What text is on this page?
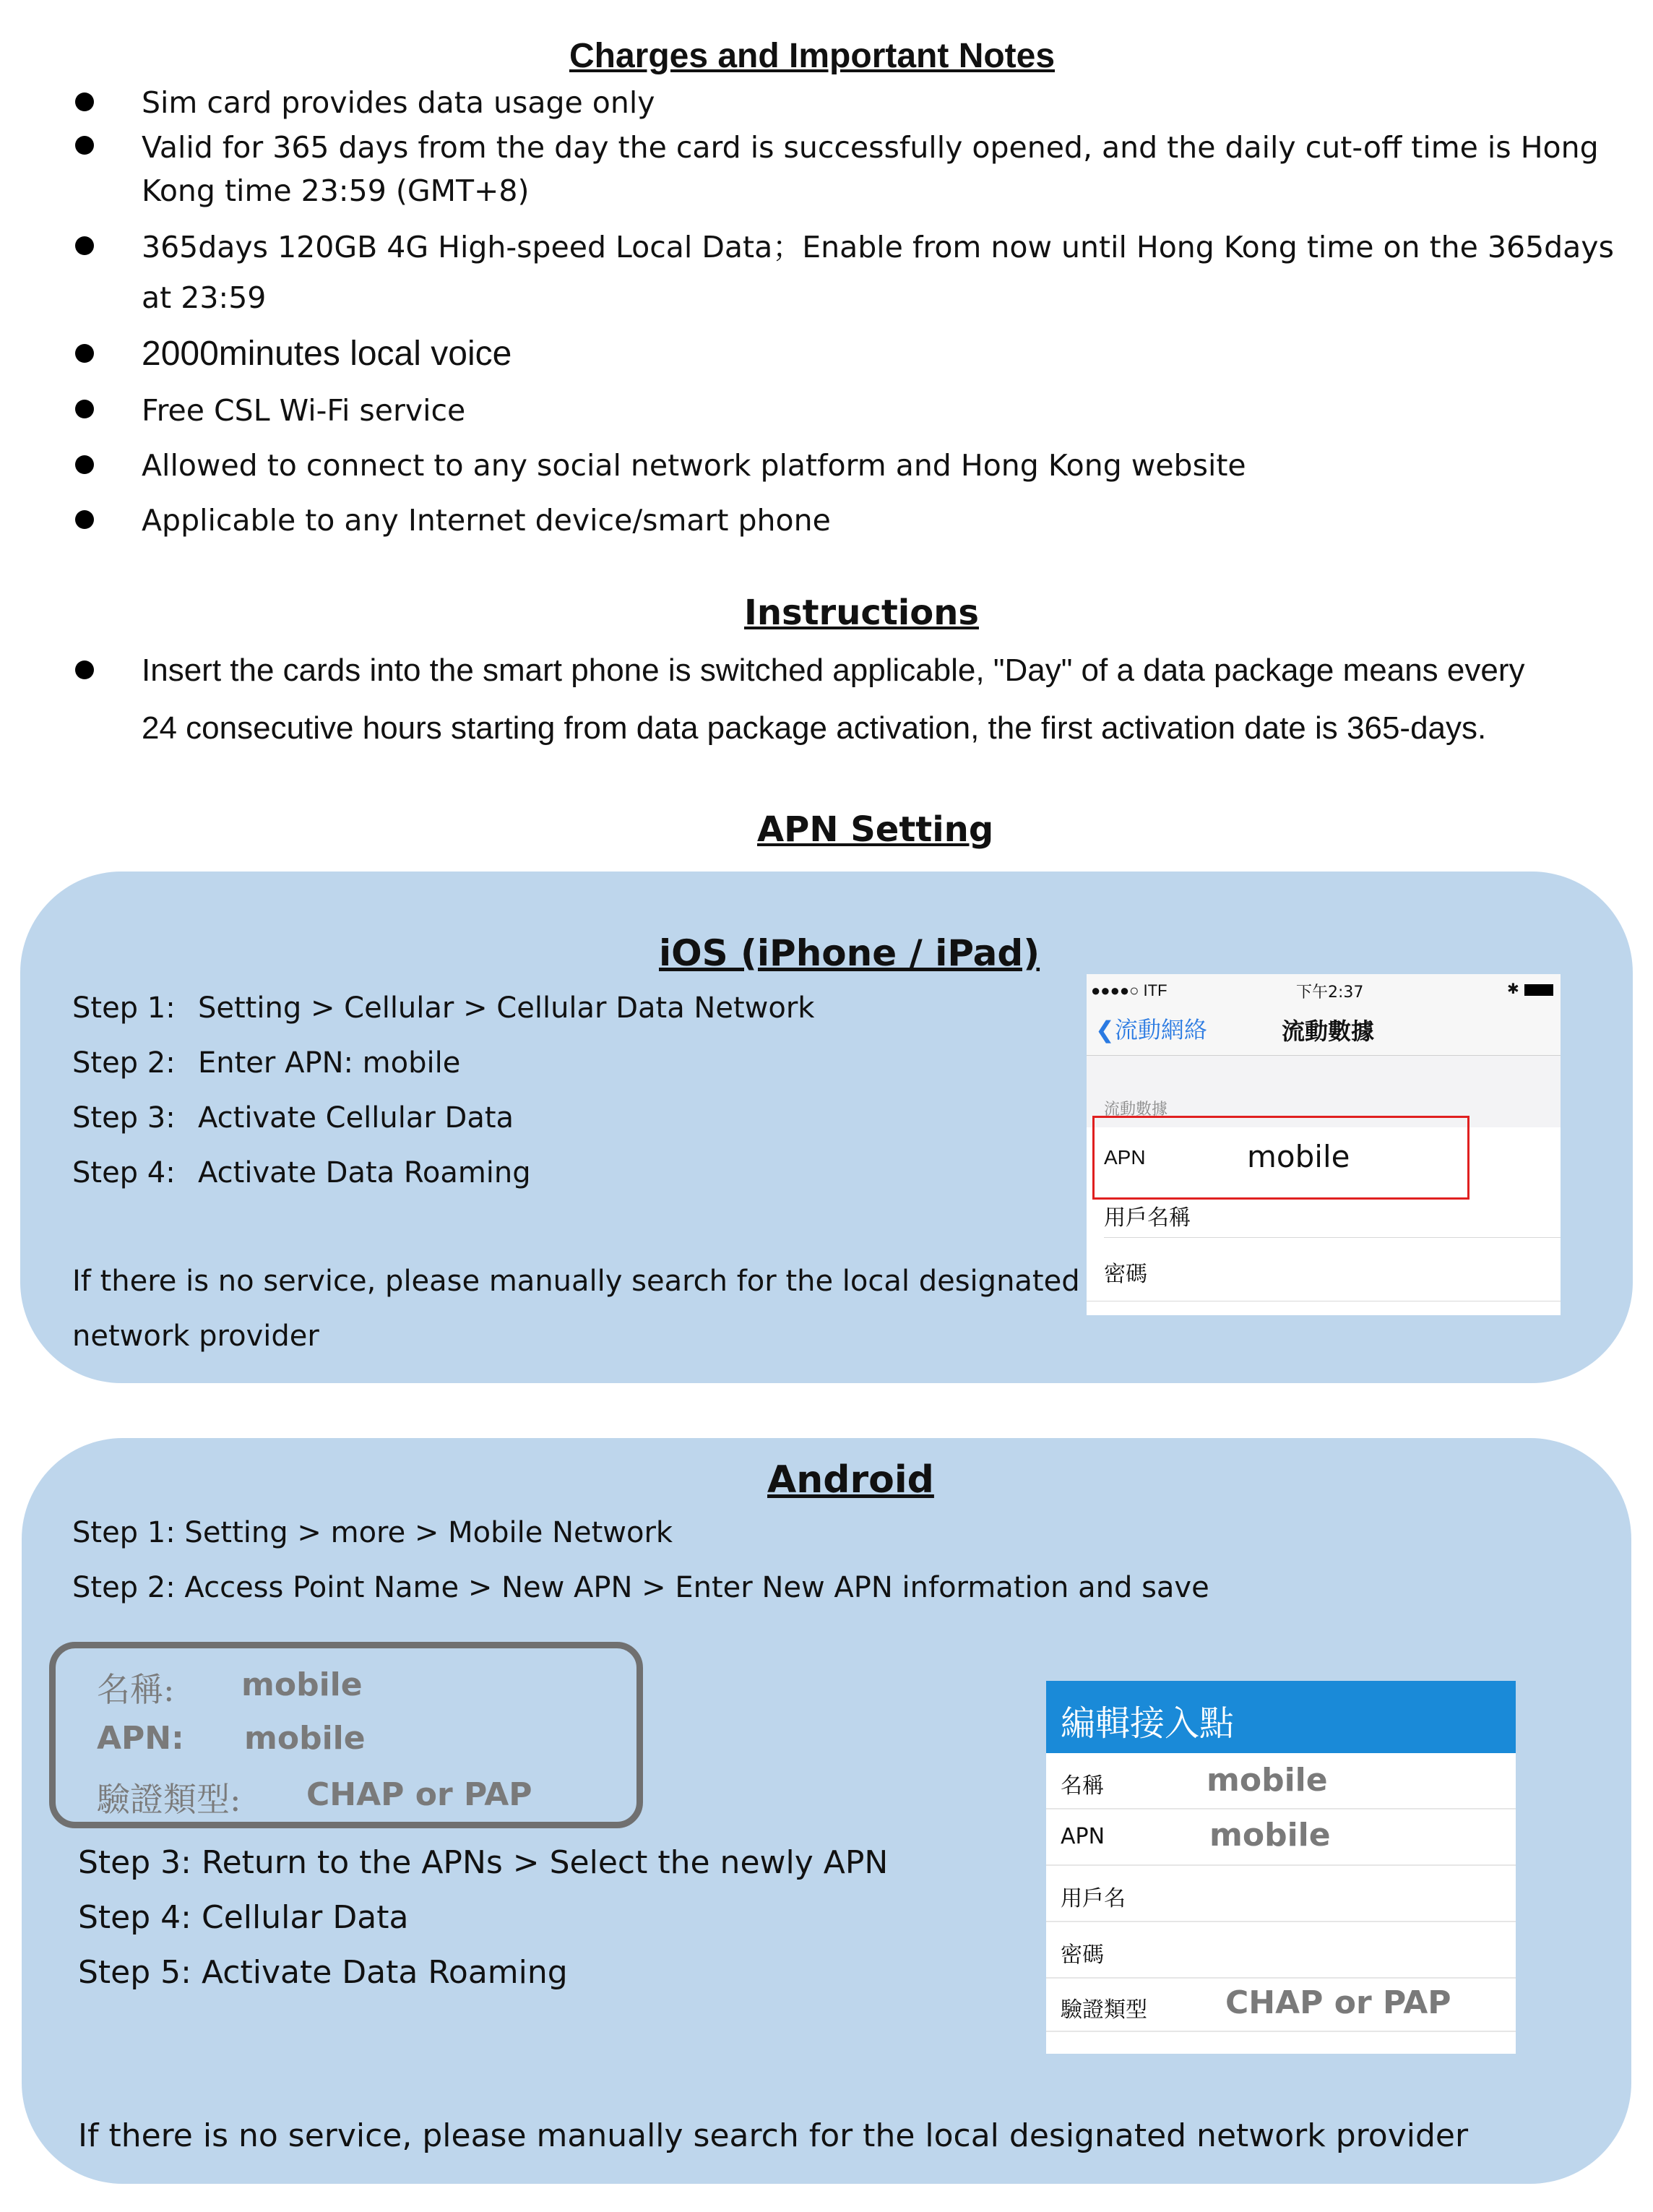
Charges and Important Notes
Sim card provides data usage only
Valid for 365 days from the day the card is successfully opened, and the daily cut-off time is Hong
Kong time 23:59 (GMT+8)
365days 120GB 4G High-speed Local Data；Enable from now until Hong Kong time on the 365days
at 23:59
2000minutes local voice
Free CSL Wi-Fi service
Allowed to connect to any social network platform and Hong Kong website
Applicable to any Internet device/smart phone
Instructions
Insert the cards into the smart phone is switched applicable, "Day" of a data package means every
24 consecutive hours starting from data package activation, the first activation date is 365-days.
APN Setting
iOS (iPhone / iPad)
Step 1: Setting > Cellular > Cellular Data Network
Step 2: Enter APN: mobile
Step 3: Activate Cellular Data
Step 4: Activate Data Roaming
If there is no service, please manually search for the local designated
network provider
●●●●○ ITF	下午2:37	✱
❮流動網絡	流動數據
流動數據
APN	mobile
用戶名稱
密碼
Android
Step 1: Setting > more > Mobile Network
Step 2: Access Point Name > New APN > Enter New APN information and save
名稱: mobile
APN: mobile
驗證類型: CHAP or PAP
Step 3: Return to the APNs > Select the newly APN
Step 4: Cellular Data
Step 5: Activate Data Roaming
If there is no service, please manually search for the local designated network provider
編輯接入點
名稱	mobile
APN	mobile
用戶名
密碼
驗證類型 CHAP or PAP
